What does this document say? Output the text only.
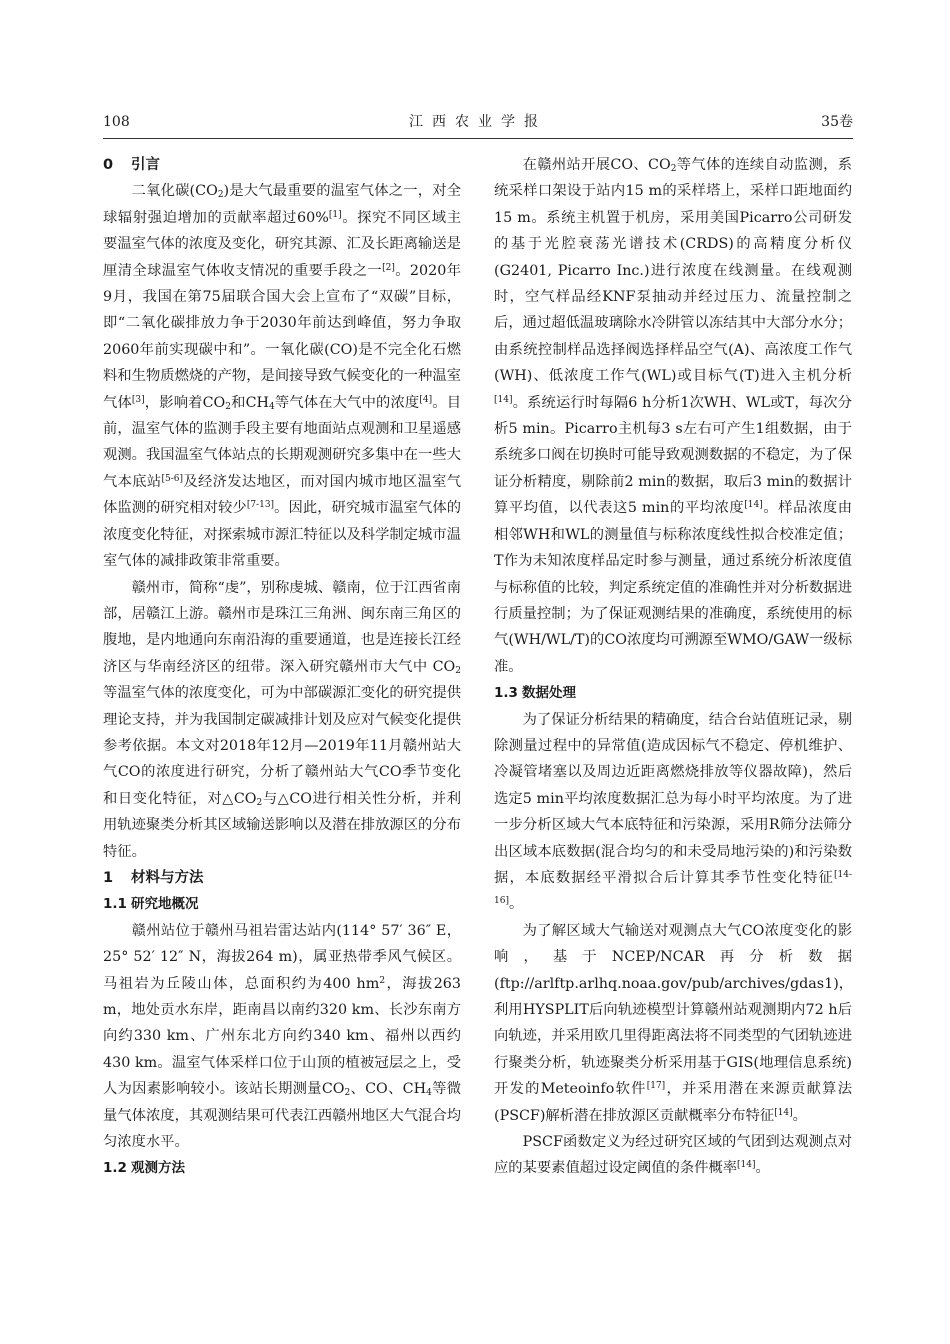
108	江西农业学报	35卷
0 引言

二氧化碳$(CO_2)$是大气最重要的温室气体之一，对全球辐射强迫增加的贡献率超过60%[1]。探究不同区域主要温室气体的浓度及变化，研究其源、汇及长距离输送是厘清全球温室气体收支情况的重要手段之一[2]。2020年9月，我国在第75届联合国大会上宣布了“双碳”目标，即“二氧化碳排放力争于2030年前达到峰值，努力争取2060年前实现碳中和”。一氧化碳(CO)是不完全化石燃料和生物质燃烧的产物，是间接导致气候变化的一种温室气体[3]，影响着$CO_2$和$CH_4$等气体在大气中的浓度[4]。目前，温室气体的监测手段主要有地面站点观测和卫星遥感观测。我国温室气体站点的长期观测研究多集中在一些大气本底站[5-6]及经济发达地区，而对国内城市地区温室气体监测的研究相对较少[7-13]。因此，研究城市温室气体的浓度变化特征，对探索城市源汇特征以及科学制定城市温室气体的减排政策非常重要。

赣州市，简称“虔”，别称虔城、赣南，位于江西省南部，居赣江上游。赣州市是珠江三角洲、闽东南三角区的腹地，是内地通向东南沿海的重要通道，也是连接长江经济区与华南经济区的纽带。深入研究赣州市大气中 $CO_2$等温室气体的浓度变化，可为中部碳源汇变化的研究提供理论支持，并为我国制定碳减排计划及应对气候变化提供参考依据。本文对2018年12月—2019年11月赣州站大气CO的浓度进行研究，分析了赣州站大气CO季节变化和日变化特征，对$\triangle CO_2$与△CO进行相关性分析，并利用轨迹聚类分析其区域输送影响以及潜在排放源区的分布特征。

1 材料与方法
1.1 研究地概况

赣州站位于赣州马祖岩雷达站内(114° 57′ 36″ E，25° 52′ 12″ N，海拔264 m)，属亚热带季风气候区。马祖岩为丘陵山体，总面积约为400 $hm^2$，海拔263 m，地处贡水东岸，距南昌以南约320 km、长沙东南方向约330 km、广州东北方向约340 km、福州以西约430 km。温室气体采样口位于山顶的植被冠层之上，受人为因素影响较小。该站长期测量$CO_2$、CO、$CH_4$等微量气体浓度，其观测结果可代表江西赣州地区大气混合均匀浓度水平。

1.2 观测方法

在赣州站开展CO、$CO_2$等气体的连续自动监测，系统采样口架设于站内15 m的采样塔上，采样口距地面约15 m。系统主机置于机房，采用美国Picarro公司研发的基于光腔衰荡光谱技术(CRDS)的高精度分析仪(G2401, Picarro Inc.)进行浓度在线测量。在线观测时，空气样品经KNF泵抽动并经过压力、流量控制之后，通过超低温玻璃除水冷阱管以冻结其中大部分水分；由系统控制样品选择阀选择样品空气(A)、高浓度工作气(WH)、低浓度工作气(WL)或目标气(T)进入主机分析[14]。系统运行时每隔6 h分析1次WH、WL或T，每次分析5 min。Picarro主机每3 s左右可产生1组数据，由于系统多口阀在切换时可能导致观测数据的不稳定，为了保证分析精度，剔除前2 min的数据，取后3 min的数据计算平均值，以代表这5 min的平均浓度[14]。样品浓度由相邻WH和WL的测量值与标称浓度线性拟合校准定值；T作为未知浓度样品定时参与测量，通过系统分析浓度值与标称值的比较，判定系统定值的准确性并对分析数据进行质量控制；为了保证观测结果的准确度，系统使用的标气(WH/WL/T)的CO浓度均可溯源至WMO/GAW一级标准。

1.3 数据处理

为了保证分析结果的精确度，结合台站值班记录，剔除测量过程中的异常值(造成因标气不稳定、停机维护、冷凝管堵塞以及周边近距离燃烧排放等仪器故障)，然后选定5 min平均浓度数据汇总为每小时平均浓度。为了进一步分析区域大气本底特征和污染源，采用R筛分法筛分出区域本底数据(混合均匀的和未受局地污染的)和污染数据，本底数据经平滑拟合后计算其季节性变化特征[14-16]。

为了解区域大气输送对观测点大气CO浓度变化的影响，基于NCEP/NCAR再分析数据(ftp://arlftp.arlhq.noaa.gov/pub/archives/gdas1)，利用HYSPLIT后向轨迹模型计算赣州站观测期内72 h后向轨迹，并采用欧几里得距离法将不同类型的气团轨迹进行聚类分析，轨迹聚类分析采用基于GIS(地理信息系统)开发的Meteoinfo软件[17]，并采用潜在来源贡献算法(PSCF)解析潜在排放源区贡献概率分布特征[14]。

PSCF函数定义为经过研究区域的气团到达观测点对应的某要素值超过设定阈值的条件概率[14]。
